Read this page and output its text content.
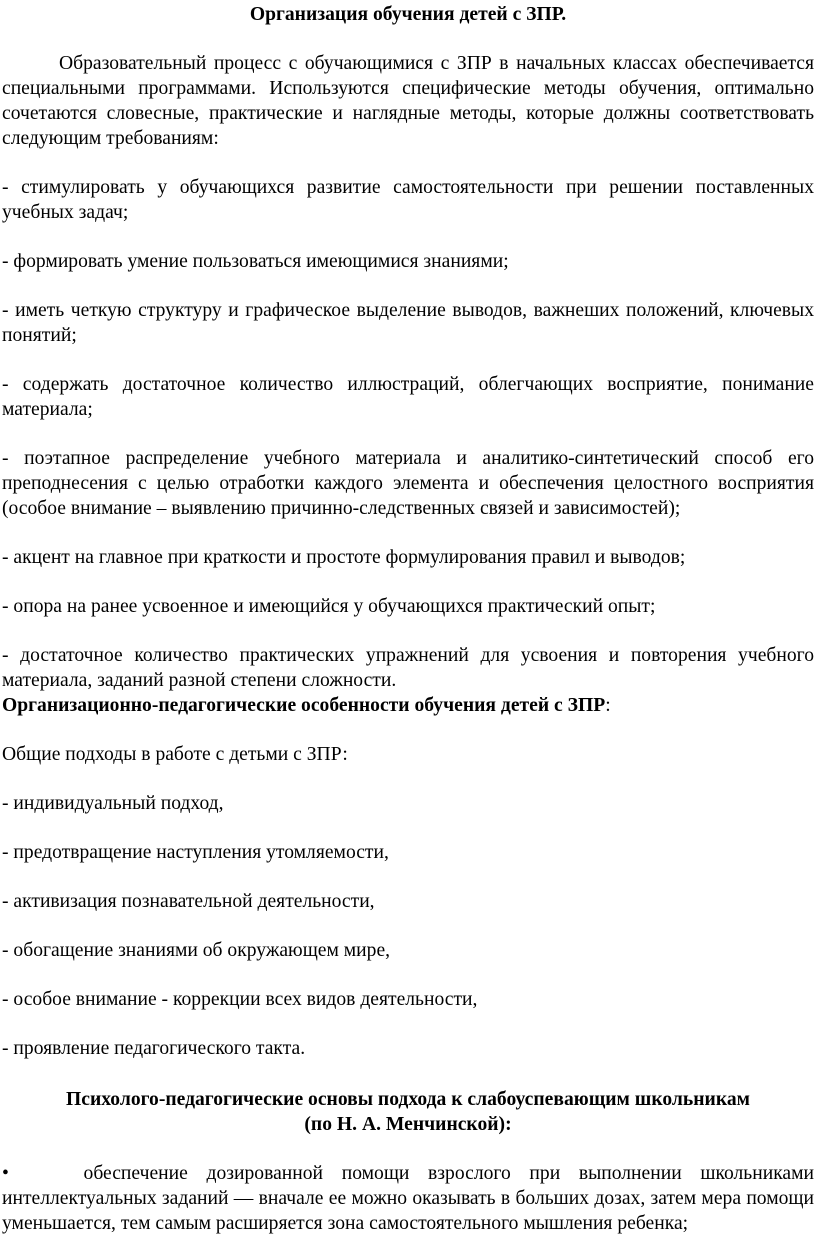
Организация обучения детей с ЗПР.

Образовательный процесс с обучающимися с ЗПР в начальных классах обеспечивается специальными программами. Используются специфические методы обучения, оптимально сочетаются словесные, практические и наглядные методы, которые должны соответствовать следующим требованиям:

- стимулировать у обучающихся развитие самостоятельности при решении поставленных учебных задач;

- формировать умение пользоваться имеющимися знаниями;

- иметь четкую структуру и графическое выделение выводов, важнеших положений, ключевых понятий;

- содержать достаточное количество иллюстраций, облегчающих восприятие, понимание материала;

- поэтапное распределение учебного материала и аналитико-синтетический способ его преподнесения с целью отработки каждого элемента и обеспечения целостного восприятия (особое внимание – выявлению причинно-следственных связей и зависимостей);

- акцент на главное при краткости и простоте формулирования правил и выводов;

- опора на ранее усвоенное и имеющийся у обучающихся практический опыт;

- достаточное количество практических упражнений для усвоения и повторения учебного материала, заданий разной степени сложности.

Организационно-педагогические особенности обучения детей с ЗПР:

Общие подходы в работе с детьми с ЗПР:

- индивидуальный подход,

- предотвращение наступления утомляемости,

- активизация познавательной деятельности,

- обогащение знаниями об окружающем мире,

- особое внимание - коррекции всех видов деятельности,

- проявление педагогического такта.

Психолого-педагогические основы подхода к слабоуспевающим школьникам
(по Н. А. Менчинской):

•	обеспечение дозированной помощи взрослого при выполнении школьниками интеллектуальных заданий — вначале ее можно оказывать в больших дозах, затем мера помощи уменьшается, тем самым расширяется зона самостоятельного мышления ребенка;
